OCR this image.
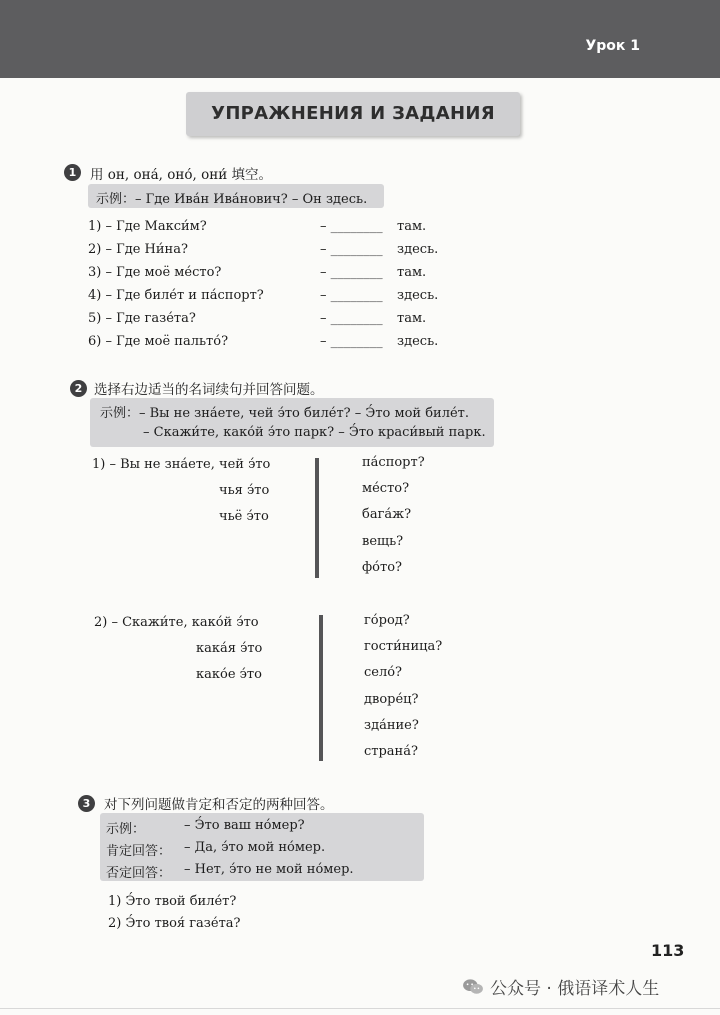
Урок 1
УПРАЖНЕНИЯ И ЗАДАНИЯ
1	用 он, она́, оно́, они́ 填空。
示例：– Где Ива́н Ива́нович? – Он здесь.
1) – Где Макси́м?	– ________ там.
2) – Где Ни́на?	– ________ здесь.
3) – Где моё ме́сто?	– ________ там.
4) – Где биле́т и па́спорт?	– ________ здесь.
5) – Где газе́та?	– ________ там.
6) – Где моё пальто́?	– ________ здесь.
2 选择右边适当的名词续句并回答问题。
示例：– Вы не зна́ете, чей э́то биле́т? – Э́то мой биле́т.
– Скажи́те, како́й э́то парк? – Э́то краси́вый парк.
1) – Вы не зна́ете, чей э́то
чья э́то
чьё э́то
па́спорт?
ме́сто?
бага́ж?
вещь?
фо́то?
2) – Скажи́те, како́й э́то
кака́я э́то
како́е э́то
го́род?
гости́ница?
село́?
дворе́ц?
зда́ние?
страна́?
3	对下列问题做肯定和否定的两种回答。
示例：	– Э́то ваш но́мер?
肯定回答： – Да, э́то мой но́мер.
否定回答： – Нет, э́то не мой но́мер.
1) Э́то твой биле́т?
2) Э́то твоя́ газе́та?
113
公众号 · 俄语译术人生
